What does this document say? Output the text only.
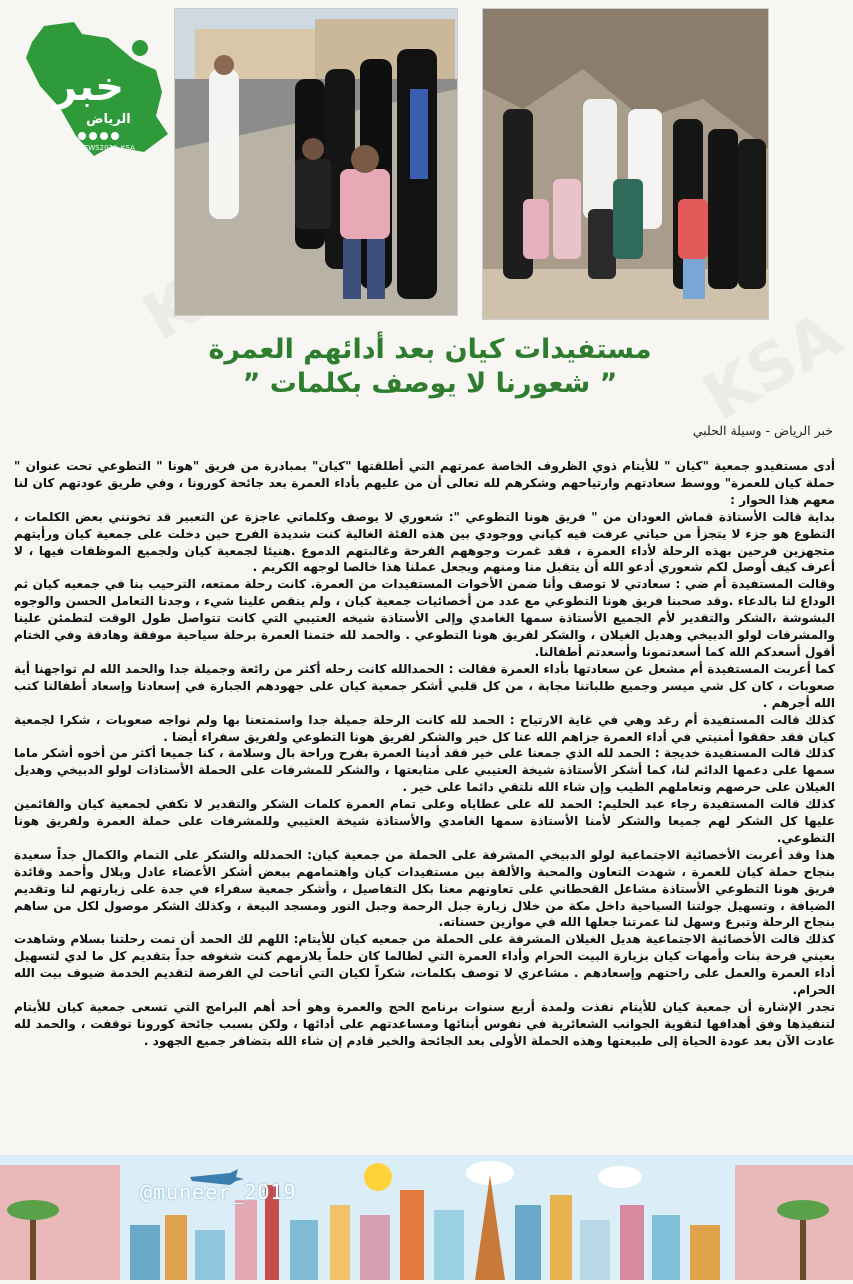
خبر
الرياض
KNEWS2030_KSA
مستفيدات كيان بعد أدائهم العمرة
” شعورنا لا يوصف بكلمات ”
خبر الرياض - وسيلة الحلبي

أدى مستفيدو جمعية "كيان " للأيتام ذوي الظروف الخاصة عمرتهم التي أطلقتها "كيان" بمبادرة من فريق "هونا " التطوعي تحت عنوان " حملة كيان للعمرة" ووسط سعادتهم وارتياحهم وشكرهم لله تعالى أن من عليهم بأداء العمرة بعد جائحة كورونا ، وفي طريق عودتهم كان لنا معهم هذا الحوار :

بداية قالت الأستاذة قماش العودان من " فريق هونا التطوعي ": شعوري لا يوصف وكلماتي عاجزة عن التعبير قد تخونني بعض الكلمات ، التطوع هو جزء لا يتجزأ من حياتي عرفت فيه كياني ووجودي بين هذه الفئة الغالية كنت شديدة الفرح حين دخلت على جمعية كيان ورأيتهم متجهزين فرحين بهذه الرحلة لأداء العمرة ، فقد غمرت وجوههم الفرحة وغالبتهم الدموع .هنيئا لجمعية كيان ولجميع الموظفات فيها ، لا أعرف كيف أوصل لكم شعوري أدعو الله أن يتقبل منا ومنهم ويجعل عملنا هذا خالصا لوجهه الكريم .

وقالت المستفيدة أم ضي : سعادتي لا توصف وأنا ضمن الأخوات المستفيدات من العمرة. كانت رحلة ممتعه، الترحيب بنا في جمعيه كيان ثم الوداع لنا بالدعاء .وقد صحبنا فريق هونا التطوعي مع عدد من أخصائيات جمعية كيان ، ولم ينقص علينا شيء ، وجدنا التعامل الحسن والوجوه البشوشة ،الشكر والتقدير لأم الجميع الأستاذة سمها الغامدي وإلى الأستاذة شيخه العتيبي التي كانت تتواصل طول الوقت لتطمئن علينا والمشرفات لولو الدبيخي وهديل الغيلان ، والشكر لفريق هونا التطوعي . والحمد لله ختمنا العمرة برحلة سياحية موفقة وهادفة وفي الختام أقول أسعدكم الله كما أسعدتمونا وأسعدتم أطفالنا.

كما أعربت المستفيدة أم مشعل عن سعادتها بأداء العمرة فقالت : الحمدالله كانت رحله أكثر من رائعة وجميلة جدا والحمد الله لم تواجهنا أية صعوبات ، كان كل شي ميسر وجميع طلباتنا مجابة ، من كل قلبي أشكر جمعية كيان على جهودهم الجبارة في إسعادنا وإسعاد أطفالنا كتب الله أجرهم .

كذلك قالت المستفيدة أم رغد وهي في غاية الارتياح : الحمد لله كانت الرحلة جميلة جدا واستمتعنا بها ولم نواجه صعوبات ، شكرا لجمعية كيان فقد حققوا أمنيتي في أداء العمرة جزاهم الله عنا كل خير والشكر لفريق هونا التطوعي ولفريق سفراء أيضا .

كذلك قالت المستفيدة خديجة : الحمد لله الذي جمعنا على خير فقد أدينا العمرة بفرح وراحة بال وسلامة ، كنا جميعا أكثر من أخوه أشكر ماما سمها على دعمها الدائم لنا، كما أشكر الأستاذة شيخة العتيبي على متابعتها ، والشكر للمشرفات على الحملة الأستاذات لولو الدبيخي وهديل الغيلان على حرصهم وتعاملهم الطيب وإن شاء الله نلتقي دائما على خير .

كذلك قالت المستفيدة رجاء عبد الحليم: الحمد لله على عطاياه وعلى تمام العمرة كلمات الشكر والتقدير لا تكفي لجمعية كيان والقائمين عليها كل الشكر لهم جميعا والشكر لأمنا الأستاذة سمها الغامدي والأستاذة شيخة العتيبي وللمشرفات على حملة العمرة ولفريق هونا التطوعي.

هذا وقد أعربت الأخصائية الاجتماعية لولو الدبيخي المشرفة على الحملة من جمعية كيان: الحمدلله والشكر على التمام والكمال جداً سعيدة بنجاح حملة كيان للعمرة ، شهدت التعاون والمحبة والألفة بين مستفيدات كيان واهتمامهم ببعض أشكر الأعضاء عادل وبلال وأحمد وقائدة فريق هونا التطوعي الأستاذة مشاعل القحطاني على تعاونهم معنا بكل التفاصيل ، وأشكر جمعية سفراء في جدة على زيارتهم لنا وتقديم الضيافة ، وتسهيل جولتنا السياحية داخل مكة من خلال زيارة جبل الرحمة وجبل النور ومسجد البيعة ، وكذلك الشكر موصول لكل من ساهم بنجاح الرحلة وتبرع وسهل لنا عمرتنا جعلها الله في موازين حسناته.

كذلك قالت الأخصائية الاجتماعية هديل الغيلان المشرفة على الحملة من جمعيه كيان للأيتام: اللهم لك الحمد أن تمت رحلتنا بسلام وشاهدت بعيني فرحة بنات وأمهات كيان بزيارة البيت الحرام وأداء العمرة التي لطالما كان حلماً يلازمهم كنت شغوفه جداً بتقديم كل ما لدي لتسهيل أداء العمرة والعمل على راحتهم وإسعادهم . مشاعري لا توصف بكلمات، شكراً لكيان التي أتاحت لي الفرصة لتقديم الخدمة ضيوف بيت الله الحرام.

تجدر الإشارة أن جمعية كيان للأيتام نفذت ولمدة أربع سنوات برنامج الحج والعمرة وهو أحد أهم البرامج التي تسعى جمعية كيان للأيتام لتنفيذها وفق أهدافها لتقوية الجوانب الشعائرية في نفوس أبنائها ومساعدتهم على أدائها ، ولكن بسبب جائحة كورونا توقفت ، والحمد لله عادت الآن بعد عودة الحياة إلى طبيعتها وهذه الحملة الأولى بعد الجائحة والخير قادم إن شاء الله بتضافر جميع الجهود .

@muneer_2019
